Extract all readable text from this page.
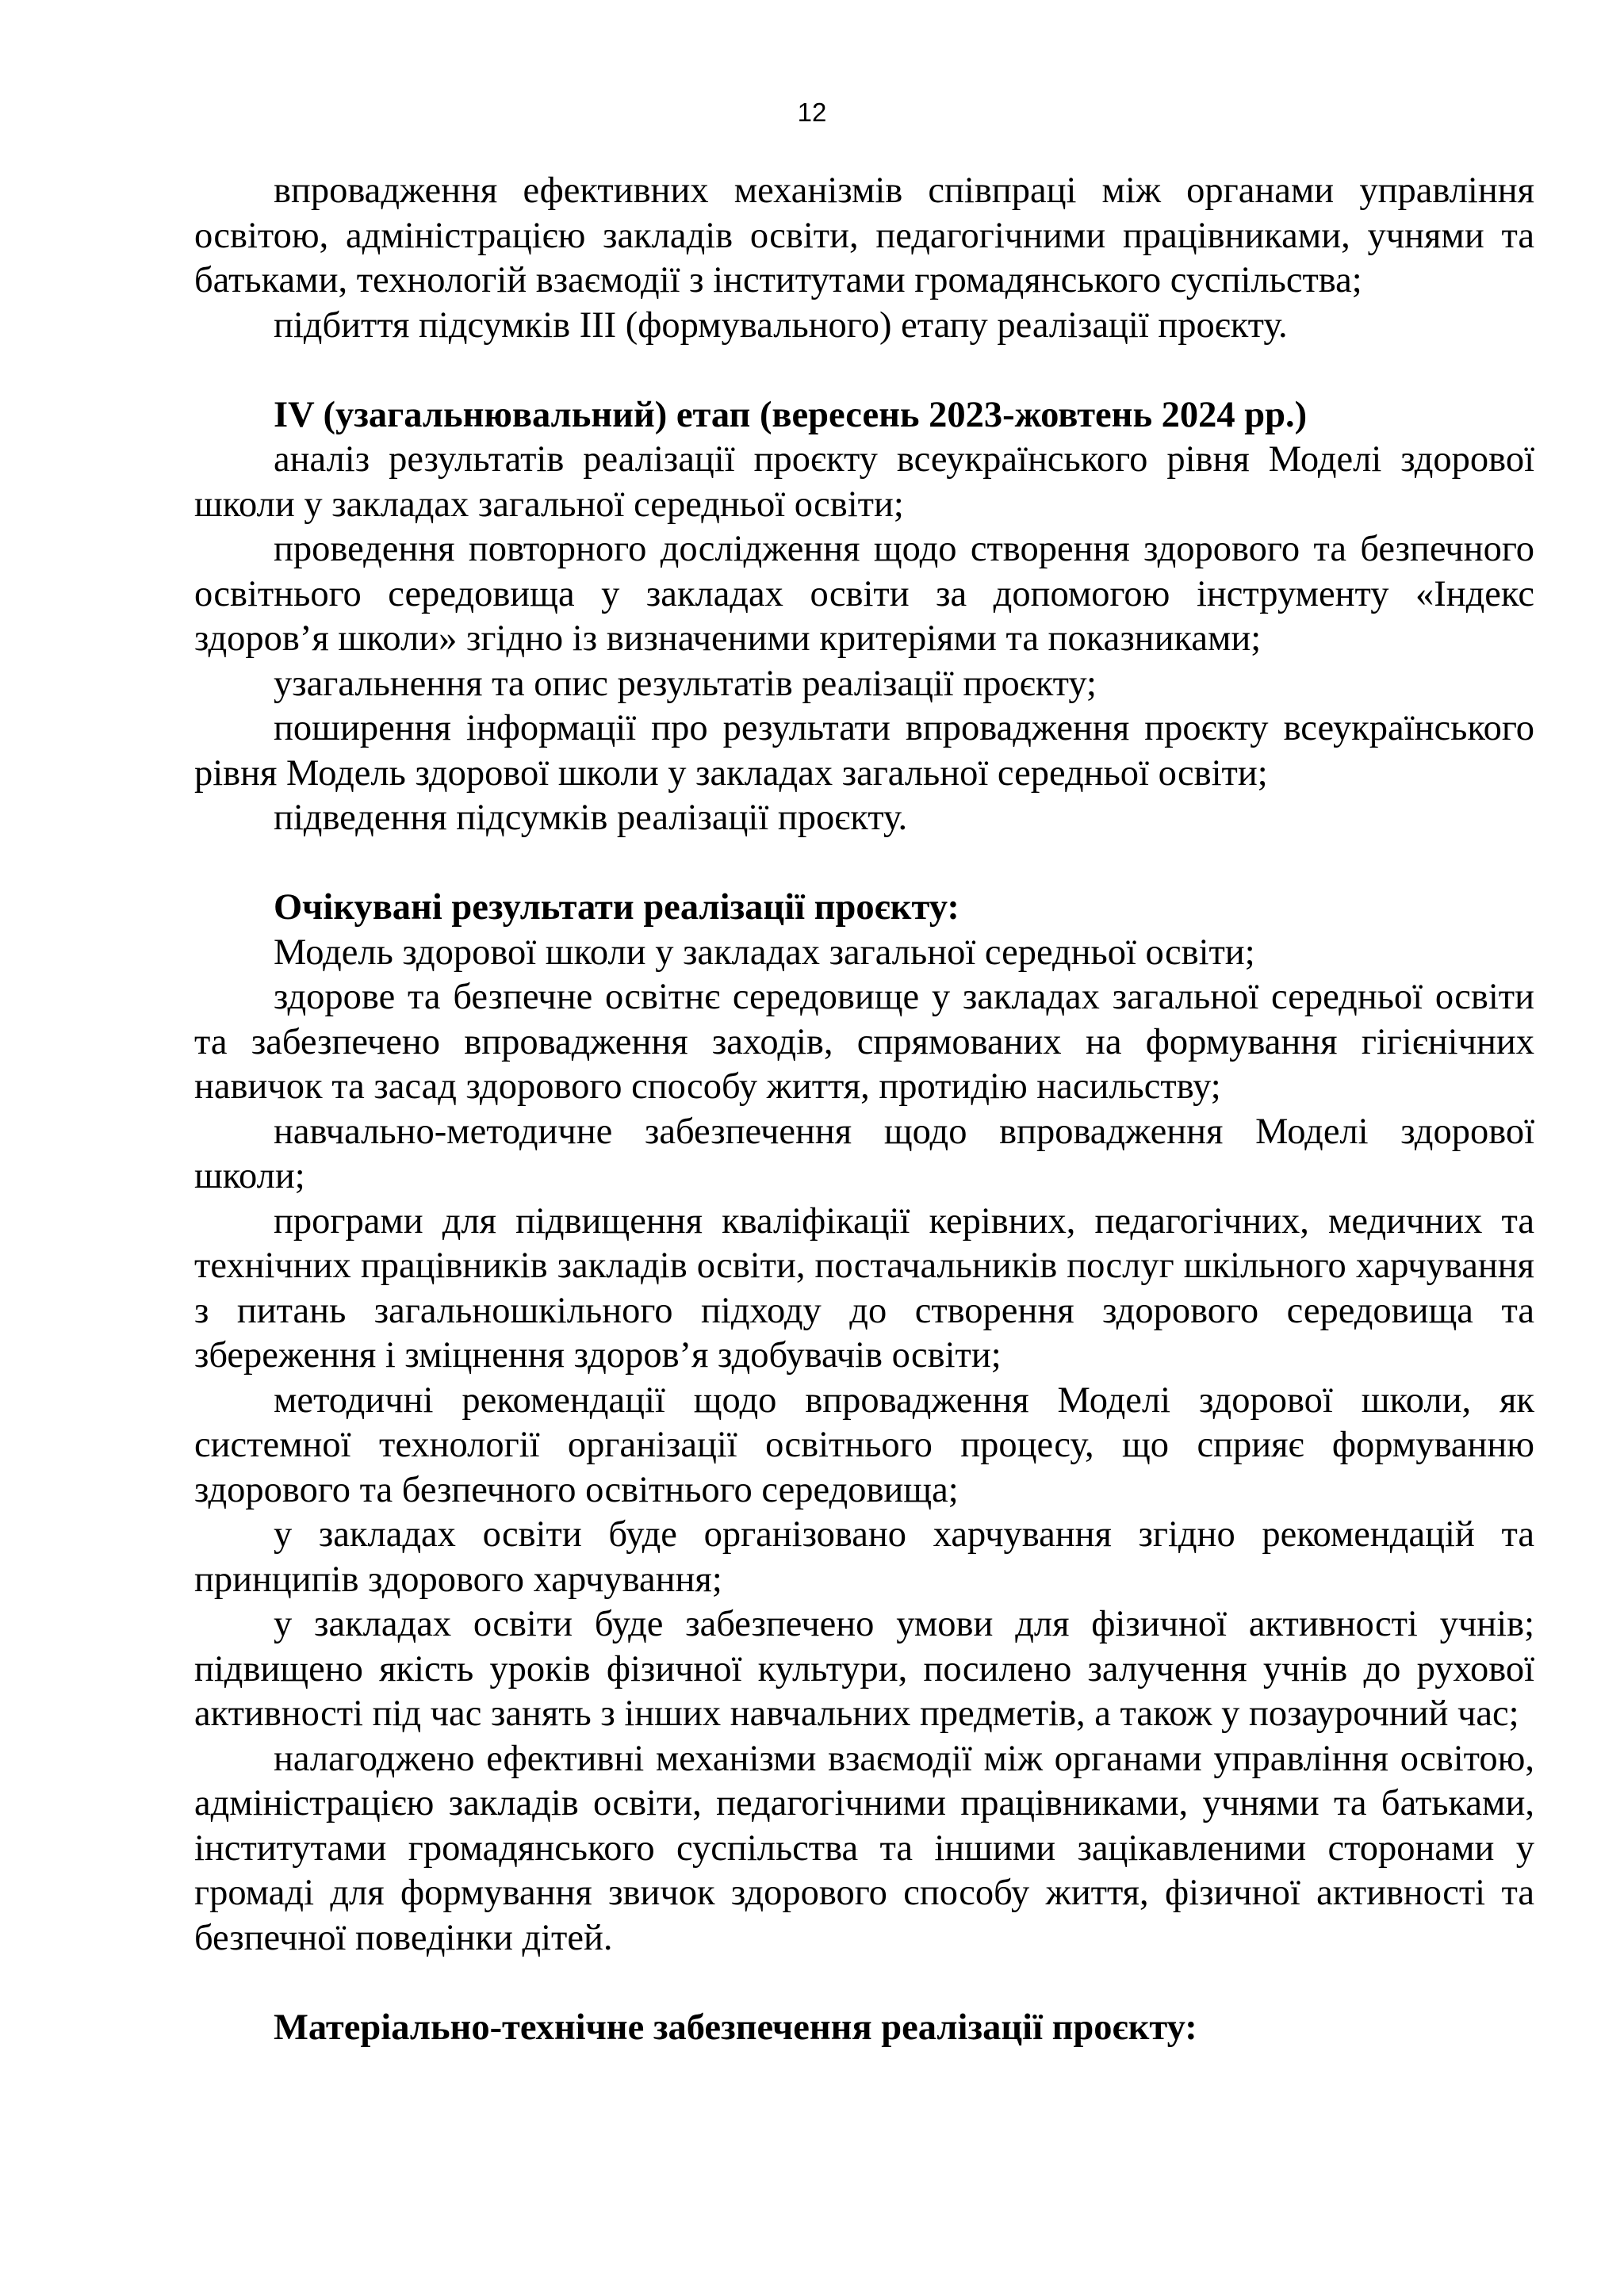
12

впровадження ефективних механізмів співпраці між органами управління освітою, адміністрацією закладів освіти, педагогічними працівниками, учнями та батьками, технологій взаємодії з інститутами громадянського суспільства;

підбиття підсумків ІІІ (формувального) етапу реалізації проєкту.

IV (узагальнювальний) етап (вересень 2023-жовтень 2024 рр.)

аналіз результатів реалізації проєкту всеукраїнського рівня Моделі здорової школи у закладах загальної середньої освіти;

проведення повторного дослідження щодо створення здорового та безпечного освітнього середовища у закладах освіти за допомогою інструменту «Індекс здоров’я школи» згідно із визначеними критеріями та показниками;

узагальнення та опис результатів реалізації проєкту;

поширення інформації про результати впровадження проєкту всеукраїнського рівня Модель здорової школи у закладах загальної середньої освіти;

підведення підсумків реалізації проєкту.

Очікувані результати реалізації проєкту:

Модель здорової школи у закладах загальної середньої освіти;

здорове та безпечне освітнє середовище у закладах загальної середньої освіти та забезпечено впровадження заходів, спрямованих на формування гігієнічних навичок та засад здорового способу життя, протидію насильству;

навчально-методичне забезпечення щодо впровадження Моделі здорової школи;

програми для підвищення кваліфікації керівних, педагогічних, медичних та технічних працівників закладів освіти, постачальників послуг шкільного харчування з питань загальношкільного підходу до створення здорового середовища та збереження і зміцнення здоров’я здобувачів освіти;

методичні рекомендації щодо впровадження Моделі здорової школи, як системної технології організації освітнього процесу, що сприяє формуванню здорового та безпечного освітнього середовища;

у закладах освіти буде організовано харчування згідно рекомендацій та принципів здорового харчування;

у закладах освіти буде забезпечено умови для фізичної активності учнів; підвищено якість уроків фізичної культури, посилено залучення учнів до рухової активності під час занять з інших навчальних предметів, а також у позаурочний час;

налагоджено ефективні механізми взаємодії між органами управління освітою, адміністрацією закладів освіти, педагогічними працівниками, учнями та батьками, інститутами громадянського суспільства та іншими зацікавленими сторонами у громаді для формування звичок здорового способу життя, фізичної активності та безпечної поведінки дітей.

Матеріально-технічне забезпечення реалізації проєкту:
